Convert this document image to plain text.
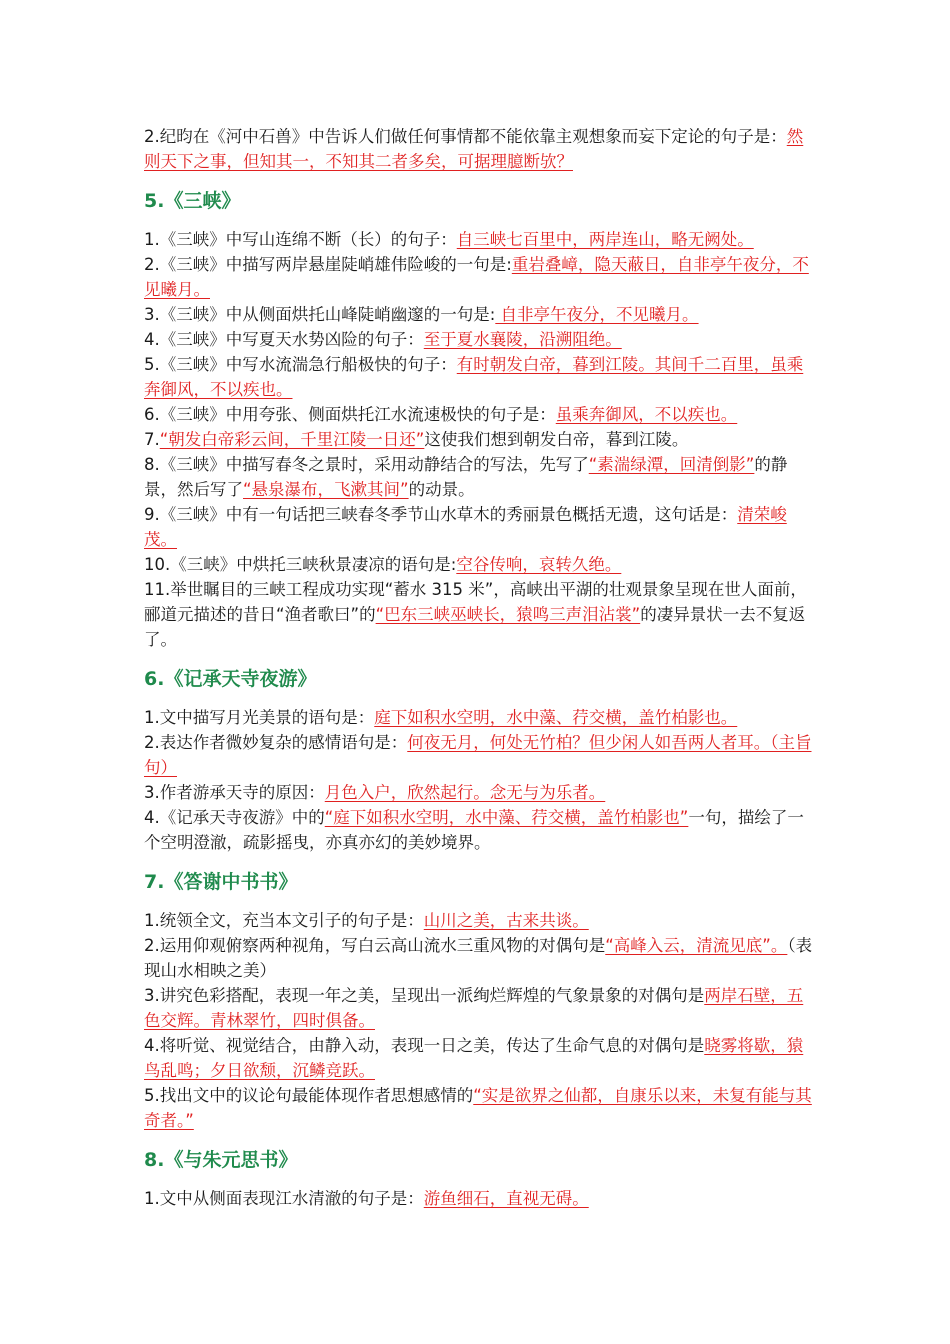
2.纪昀在《河中石兽》中告诉人们做任何事情都不能依靠主观想象而妄下定论的句子是：然则天下之事，但知其一，不知其二者多矣，可据理臆断欤？

5.《三峡》

1.《三峡》中写山连绵不断（长）的句子：自三峡七百里中，两岸连山，略无阙处。

2.《三峡》中描写两岸悬崖陡峭雄伟险峻的一句是:重岩叠嶂，隐天蔽日，自非亭午夜分，不见曦月。

3.《三峡》中从侧面烘托山峰陡峭幽邃的一句是: 自非亭午夜分，不见曦月。

4.《三峡》中写夏天水势凶险的句子：至于夏水襄陵，沿溯阻绝。

5.《三峡》中写水流湍急行船极快的句子：有时朝发白帝，暮到江陵。其间千二百里，虽乘奔御风，不以疾也。

6.《三峡》中用夸张、侧面烘托江水流速极快的句子是：虽乘奔御风，不以疾也。

7.“朝发白帝彩云间，千里江陵一日还”这使我们想到朝发白帝，暮到江陵。

8.《三峡》中描写春冬之景时，采用动静结合的写法，先写了“素湍绿潭，回清倒影”的静景，然后写了“悬泉瀑布，飞漱其间”的动景。

9.《三峡》中有一句话把三峡春冬季节山水草木的秀丽景色概括无遗，这句话是：清荣峻茂。

10.《三峡》中烘托三峡秋景凄凉的语句是:空谷传响，哀转久绝。

11.举世瞩目的三峡工程成功实现“蓄水 315 米”，高峡出平湖的壮观景象呈现在世人面前，郦道元描述的昔日“渔者歌曰”的“巴东三峡巫峡长，猿鸣三声泪沾裳”的凄异景状一去不复返了。

6.《记承天寺夜游》

1.文中描写月光美景的语句是：庭下如积水空明，水中藻、荇交横，盖竹柏影也。

2.表达作者微妙复杂的感情语句是：何夜无月，何处无竹柏？但少闲人如吾两人者耳。（主旨句）

3.作者游承天寺的原因：月色入户，欣然起行。念无与为乐者。

4.《记承天寺夜游》中的“庭下如积水空明，水中藻、荇交横，盖竹柏影也”一句，描绘了一个空明澄澈，疏影摇曳，亦真亦幻的美妙境界。

7.《答谢中书书》

1.统领全文，充当本文引子的句子是：山川之美，古来共谈。

2.运用仰观俯察两种视角，写白云高山流水三重风物的对偶句是“高峰入云，清流见底”。（表现山水相映之美）

3.讲究色彩搭配，表现一年之美，呈现出一派绚烂辉煌的气象景象的对偶句是两岸石壁，五色交辉。青林翠竹，四时俱备。

4.将听觉、视觉结合，由静入动，表现一日之美，传达了生命气息的对偶句是晓雾将歇，猿鸟乱鸣；夕日欲颓，沉鳞竞跃。

5.找出文中的议论句最能体现作者思想感情的“实是欲界之仙都，自康乐以来，未复有能与其奇者。”

8.《与朱元思书》

1.文中从侧面表现江水清澈的句子是：游鱼细石，直视无碍。
